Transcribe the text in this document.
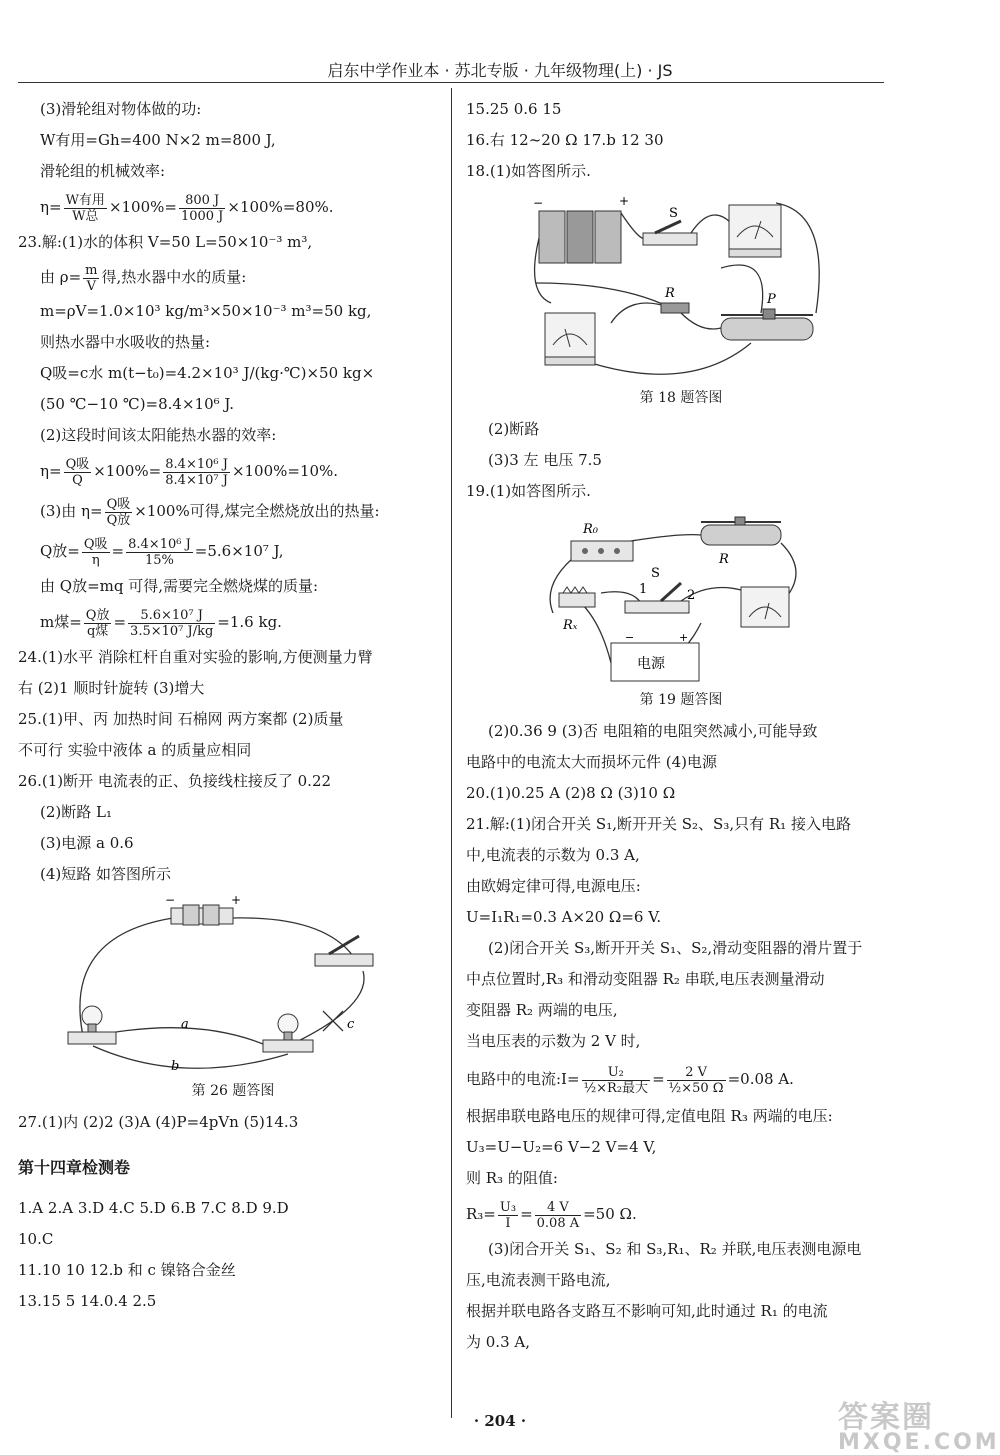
启东中学作业本 · 苏北专版 · 九年级物理(上) · JS
(3)滑轮组对物体做的功:
W有用=Gh=400 N×2 m=800 J,
滑轮组的机械效率:
$\eta= \frac{\text{W有用}}{\text{W总}} \times 100\%= \frac{800 J}{1000 J} \times 100\%=80\%$.
23.解:(1)水的体积 V=50 L=50×10⁻³ m³,
由 $\rho= \frac{m}{V}$ 得,热水器中水的质量:
m=ρV=1.0×10³ kg/m³×50×10⁻³ m³=50 kg,
则热水器中水吸收的热量:
Q吸=c水 m(t−t₀)=4.2×10³ J/(kg·℃)×50 kg×
(50 ℃−10 ℃)=8.4×10⁶ J.
(2)这段时间该太阳能热水器的效率:
$\eta= \frac{\text{Q吸}}{Q} \times 100\%= \frac{\text{8.4×10⁶ J}}{\text{8.4×10⁷ J}} \times 100\%=10\%$.
(3)由 $\eta= \frac{\text{Q吸}}{\text{Q放}} \times 100\%$可得,煤完全燃烧放出的热量:
Q放= $\frac{\text{Q吸}}{\eta} = \frac{\text{8.4×10⁶ J}}{15\%} =5.6\times 10^7$ J,
由 Q放=mq 可得,需要完全燃烧煤的质量:
m煤= $\frac{\text{Q放}}{\text{q煤}} = \frac{\text{5.6×10⁷ J}}{\text{3.5×10⁷ J/kg}} =1.6$ kg.
24.(1)水平 消除杠杆自重对实验的影响,方便测量力臂
右 (2)1 顺时针旋转 (3)增大
25.(1)甲、丙 加热时间 石棉网 两方案都 (2)质量
不可行 实验中液体 a 的质量应相同
26.(1)断开 电流表的正、负接线柱接反了 0.22
(2)断路 L₁
(3)电源 a 0.6
(4)短路 如答图所示
−	+
a
b
c
第 26 题答图
27.(1)内 (2)2 (3)A (4)P=4pVn (5)14.3
第十四章检测卷
1.A 2.A 3.D 4.C 5.D 6.B 7.C 8.D 9.D
10.C
11.10 10 12.b 和 c 镍铬合金丝
13.15 5 14.0.4 2.5
15.25 0.6 15
16.右 12~20 Ω 17.b 12 30
18.(1)如答图所示.
−	+
S
R	P
第 18 题答图
(2)断路
(3)3 左 电压 7.5
19.(1)如答图所示.
R₀
R
Rₓ
1
S
2
−	+
电源
第 19 题答图
(2)0.36 9 (3)否 电阻箱的电阻突然减小,可能导致
电路中的电流太大而损坏元件 (4)电源
20.(1)0.25 A (2)8 Ω (3)10 Ω
21.解:(1)闭合开关 S₁,断开开关 S₂、S₃,只有 R₁ 接入电路
中,电流表的示数为 0.3 A,
由欧姆定律可得,电源电压:
U=I₁R₁=0.3 A×20 Ω=6 V.
(2)闭合开关 S₃,断开开关 S₁、S₂,滑动变阻器的滑片置于
中点位置时,R₃ 和滑动变阻器 R₂ 串联,电压表测量滑动
变阻器 R₂ 两端的电压,
当电压表的示数为 2 V 时,
电路中的电流:I= $\frac{\text{U₂}}{\text{½×R₂最大}} = \frac{2 V}{\text{½×50 Ω}} =0.08$ A.
根据串联电路电压的规律可得,定值电阻 R₃ 两端的电压:
U₃=U−U₂=6 V−2 V=4 V,
则 R₃ 的阻值:
$R_3= \frac{\text{U₃}}{I} = \frac{4 V}{0.08 A} =50$ Ω.
(3)闭合开关 S₁、S₂ 和 S₃,R₁、R₂ 并联,电压表测电源电
压,电流表测干路电流,
根据并联电路各支路互不影响可知,此时通过 R₁ 的电流
为 0.3 A,
· 204 ·	答案圈
MXQE.COM
